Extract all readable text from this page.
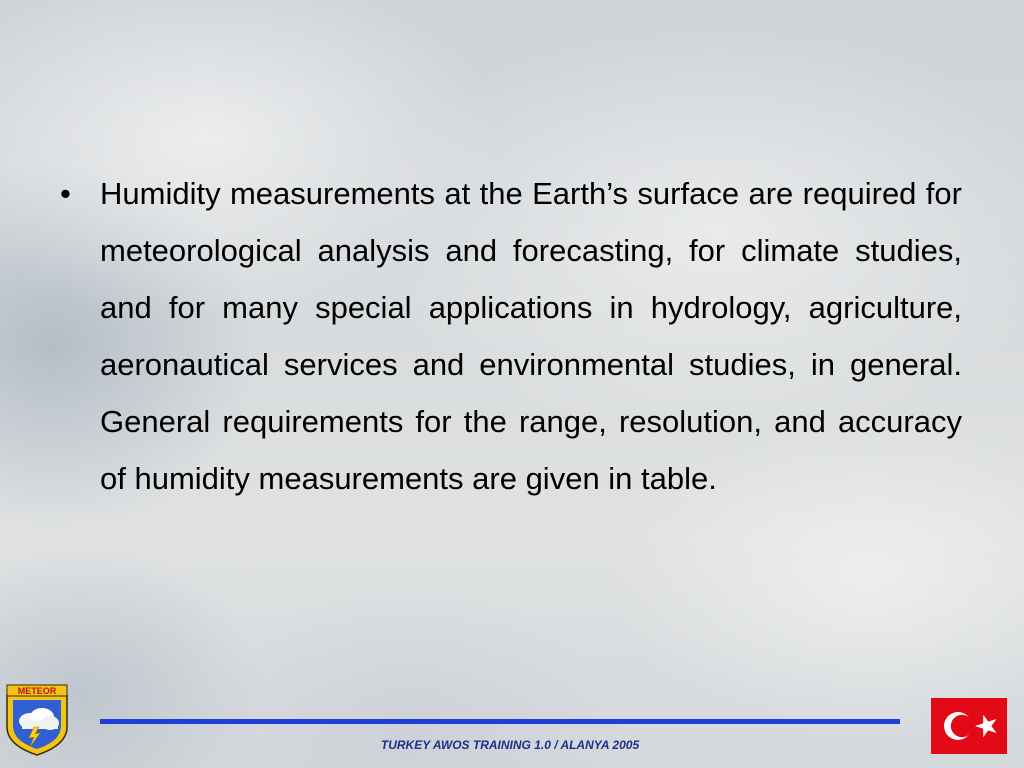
• Humidity measurements at the Earth’s surface are required for meteorological analysis and forecasting, for climate studies, and for many special applications in hydrology, agriculture, aeronautical services and environmental studies, in general. General requirements for the range, resolution, and accuracy of humidity measurements are given in table.
METEOR
TURKEY AWOS TRAINING 1.0 / ALANYA 2005
